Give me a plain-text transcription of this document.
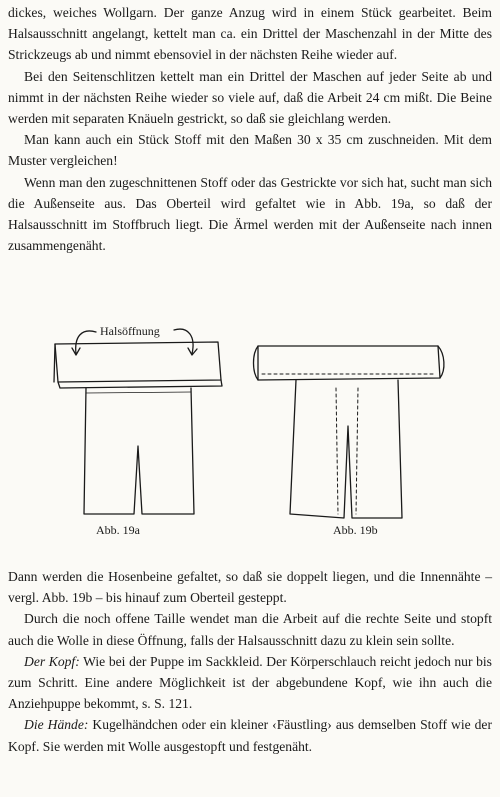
dickes, weiches Wollgarn. Der ganze Anzug wird in einem Stück gearbeitet. Beim Halsausschnitt angelangt, kettelt man ca. ein Drittel der Maschenzahl in der Mitte des Strickzeugs ab und nimmt ebensoviel in der nächsten Reihe wieder auf.

Bei den Seitenschlitzen kettelt man ein Drittel der Maschen auf jeder Seite ab und nimmt in der nächsten Reihe wieder so viele auf, daß die Arbeit 24 cm mißt. Die Beine werden mit separaten Knäueln gestrickt, so daß sie gleichlang werden.

Man kann auch ein Stück Stoff mit den Maßen 30 x 35 cm zuschneiden. Mit dem Muster vergleichen!

Wenn man den zugeschnittenen Stoff oder das Gestrickte vor sich hat, sucht man sich die Außenseite aus. Das Oberteil wird gefaltet wie in Abb. 19a, so daß der Halsausschnitt im Stoffbruch liegt. Die Ärmel werden mit der Außenseite nach innen zusammengenäht.

Halsöffnung
Abb. 19a	Abb. 19b

Dann werden die Hosenbeine gefaltet, so daß sie doppelt liegen, und die Innennähte – vergl. Abb. 19b – bis hinauf zum Oberteil gesteppt.

Durch die noch offene Taille wendet man die Arbeit auf die rechte Seite und stopft auch die Wolle in diese Öffnung, falls der Halsausschnitt dazu zu klein sein sollte.

Der Kopf: Wie bei der Puppe im Sackkleid. Der Körperschlauch reicht jedoch nur bis zum Schritt. Eine andere Möglichkeit ist der abgebundene Kopf, wie ihn auch die Anziehpuppe bekommt, s. S. 121.

Die Hände: Kugelhändchen oder ein kleiner ‹Fäustling› aus demselben Stoff wie der Kopf. Sie werden mit Wolle ausgestopft und festgenäht.
